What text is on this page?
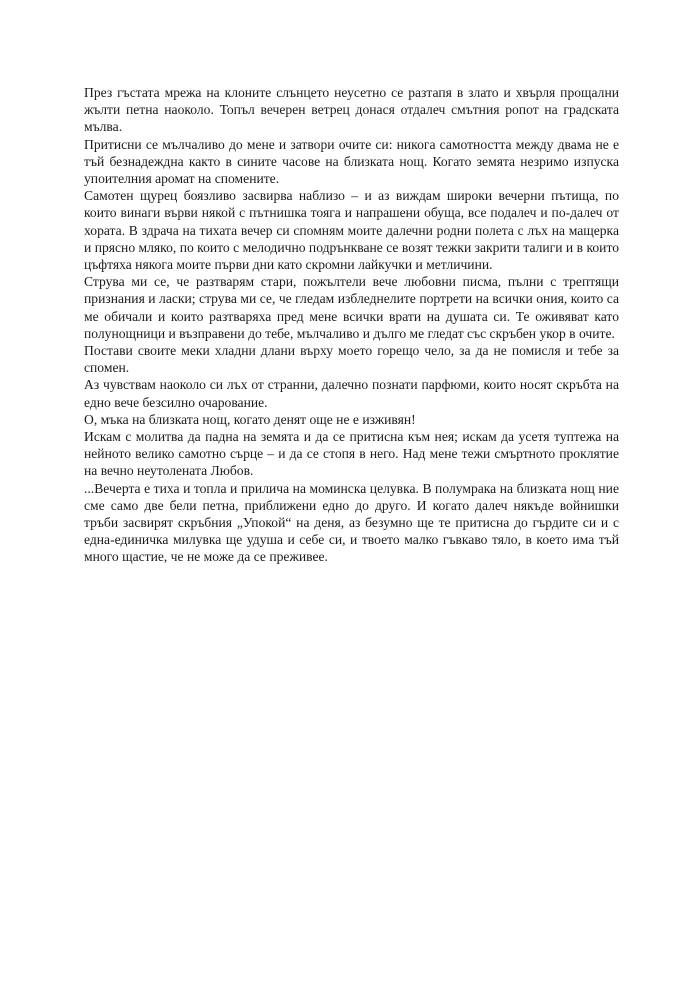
През гъстата мрежа на клоните слънцето неусетно се разтапя в злато и хвърля прощални жълти петна наоколо. Топъл вечерен ветрец донася отдалеч смътния ропот на градската мълва.

Притисни се мълчаливо до мене и затвори очите си: никога самотността между двама не е тъй безнадеждна както в сините часове на близката нощ. Когато земята незримо изпуска упоителния аромат на спомените.

Самотен щурец боязливо засвирва наблизо – и аз виждам широки вечерни пътища, по които винаги върви някой с пътнишка тояга и напрашени обуща, все подалеч и по-далеч от хората. В здрача на тихата вечер си спомням моите далечни родни полета с лъх на мащерка и прясно мляко, по които с мелодично подрънкване се возят тежки закрити талиги и в които цъфтяха някога моите първи дни като скромни лайкучки и метличини.

Струва ми се, че разтварям стари, пожълтели вече любовни писма, пълни с трептящи признания и ласки; струва ми се, че гледам избледнелите портрети на всички ония, които са ме обичали и които разтваряха пред мене всички врати на душата си. Те оживяват като полунощници и възправени до тебе, мълчаливо и дълго ме гледат със скръбен укор в очите.

Постави своите меки хладни длани върху моето горещо чело, за да не помисля и тебе за спомен.

Аз чувствам наоколо си лъх от странни, далечно познати парфюми, които носят скръбта на едно вече безсилно очарование.

О, мъка на близката нощ, когато денят още не е изживян!

Искам с молитва да падна на земята и да се притисна към нея; искам да усетя туптежа на нейното велико самотно сърце – и да се стопя в него. Над мене тежи смъртното проклятие на вечно неутолената Любов.

...Вечерта е тиха и топла и прилича на моминска целувка. В полумрака на близката нощ ние сме само две бели петна, приближени едно до друго. И когато далеч някъде войнишки тръби засвирят скръбния „Упокой“ на деня, аз безумно ще те притисна до гърдите си и с една-единичка милувка ще удуша и себе си, и твоето малко гъвкаво тяло, в което има тъй много щастие, че не може да се преживее.
